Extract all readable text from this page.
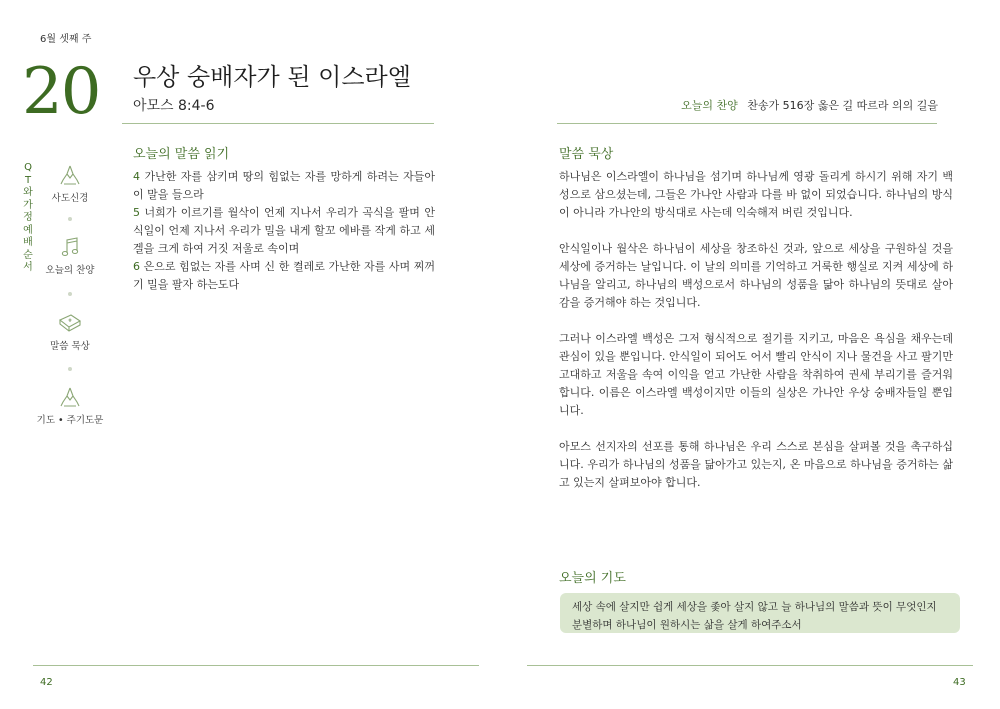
6월 셋째 주
20 우상 숭배자가 된 이스라엘
아모스 8:4-6	오늘의 찬양 찬송가 516장 옳은 길 따르라 의의 길을
QT와 가정예배 순서
사도신경
오늘의 찬양
말씀 묵상
기도 • 주기도문
오늘의 말씀 읽기
4 가난한 자를 삼키며 땅의 힘없는 자를 망하게 하려는 자들아 이 말을 들으라
5 너희가 이르기를 월삭이 언제 지나서 우리가 곡식을 팔며 안식일이 언제 지나서 우리가 밀을 내게 할꼬 에바를 작게 하고 세겔을 크게 하여 거짓 저울로 속이며
6 은으로 힘없는 자를 사며 신 한 켤레로 가난한 자를 사며 찌꺼기 밀을 팔자 하는도다
말씀 묵상

하나님은 이스라엘이 하나님을 섬기며 하나님께 영광 돌리게 하시기 위해 자기 백성으로 삼으셨는데, 그들은 가나안 사람과 다를 바 없이 되었습니다. 하나님의 방식이 아니라 가나안의 방식대로 사는데 익숙해져 버린 것입니다.

안식일이나 월삭은 하나님이 세상을 창조하신 것과, 앞으로 세상을 구원하실 것을 세상에 증거하는 날입니다. 이 날의 의미를 기억하고 거룩한 행실로 지켜 세상에 하나님을 알리고, 하나님의 백성으로서 하나님의 성품을 닮아 하나님의 뜻대로 살아감을 증거해야 하는 것입니다.

그러나 이스라엘 백성은 그저 형식적으로 절기를 지키고, 마음은 욕심을 채우는데 관심이 있을 뿐입니다. 안식일이 되어도 어서 빨리 안식이 지나 물건을 사고 팔기만 고대하고 저울을 속여 이익을 얻고 가난한 사람을 착취하여 권세 부리기를 즐거워합니다. 이름은 이스라엘 백성이지만 이들의 실상은 가나안 우상 숭배자들일 뿐입니다.

아모스 선지자의 선포를 통해 하나님은 우리 스스로 본심을 살펴볼 것을 촉구하십니다. 우리가 하나님의 성품을 닮아가고 있는지, 온 마음으로 하나님을 증거하는 삶고 있는지 살펴보아야 합니다.

오늘의 기도
세상 속에 살지만 쉽게 세상을 좇아 살지 않고 늘 하나님의 말씀과 뜻이 무엇인지 분별하며 하나님이 원하시는 삶을 살게 하여주소서
42	43
